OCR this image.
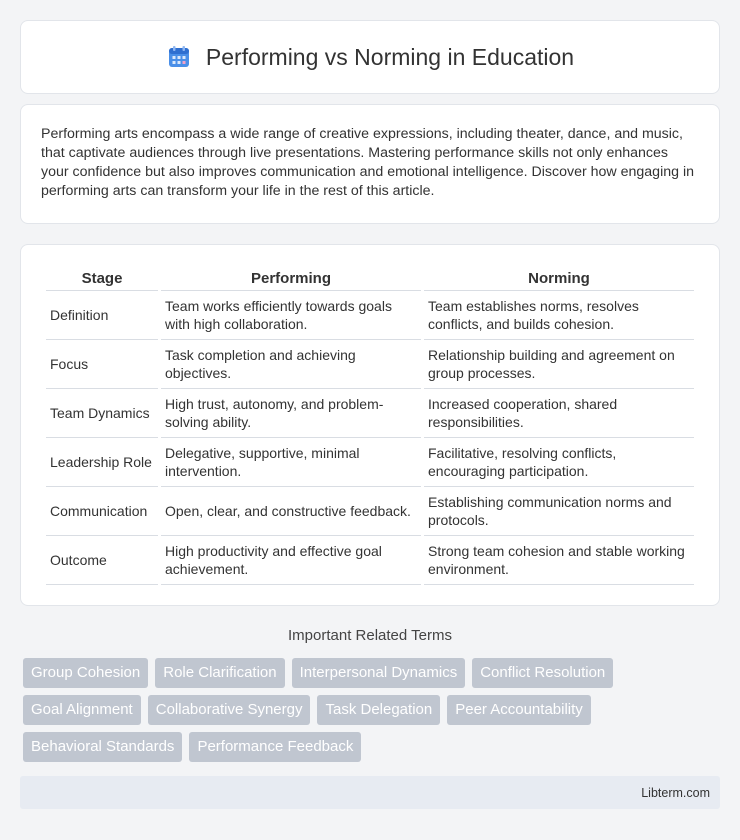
Performing vs Norming in Education

Performing arts encompass a wide range of creative expressions, including theater, dance, and music, that captivate audiences through live presentations. Mastering performance skills not only enhances your confidence but also improves communication and emotional intelligence. Discover how engaging in performing arts can transform your life in the rest of this article.

Stage	Performing	Norming
Definition	Team works efficiently towards goals with high collaboration.	Team establishes norms, resolves conflicts, and builds cohesion.
Focus	Task completion and achieving objectives.	Relationship building and agreement on group processes.
Team Dynamics	High trust, autonomy, and problem-solving ability.	Increased cooperation, shared responsibilities.
Leadership Role	Delegative, supportive, minimal intervention.	Facilitative, resolving conflicts, encouraging participation.
Communication	Open, clear, and constructive feedback.	Establishing communication norms and protocols.
Outcome	High productivity and effective goal achievement.	Strong team cohesion and stable working environment.
Important Related Terms
Group Cohesion	Role Clarification	Interpersonal Dynamics	Conflict Resolution
Goal Alignment	Collaborative Synergy	Task Delegation	Peer Accountability
Behavioral Standards	Performance Feedback
Libterm.com
